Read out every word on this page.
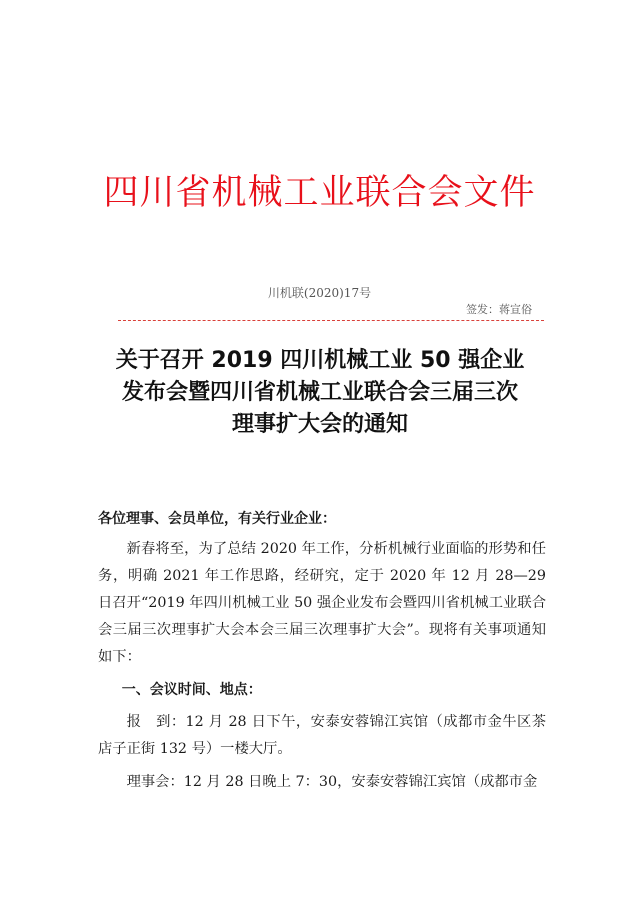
四川省机械工业联合会文件
川机联(2020)17号
签发：蒋宣俗
关于召开 2019 四川机械工业 50 强企业
发布会暨四川省机械工业联合会三届三次
理事扩大会的通知
各位理事、会员单位，有关行业企业：
新春将至，为了总结 2020 年工作，分析机械行业面临的形势和任务，明确 2021 年工作思路，经研究，定于 2020 年 12 月 28—29 日召开“2019 年四川机械工业 50 强企业发布会暨四川省机械工业联合会三届三次理事扩大会本会三届三次理事扩大会”。现将有关事项通知如下：
一、会议时间、地点：
报　到：12 月 28 日下午，安泰安蓉锦江宾馆（成都市金牛区茶店子正街 132 号）一楼大厅。
理事会：12 月 28 日晚上 7：30，安泰安蓉锦江宾馆（成都市金
